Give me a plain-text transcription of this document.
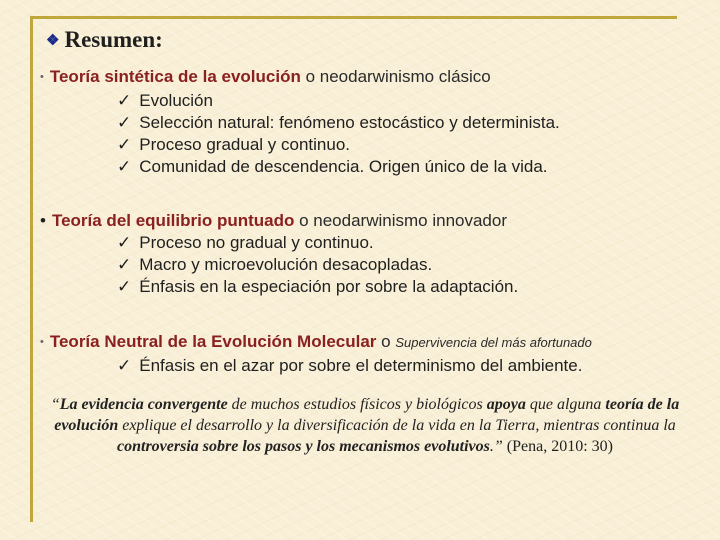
❖ Resumen:
• Teoría sintética de la evolución o neodarwinismo clásico
✓ Evolución
✓ Selección natural: fenómeno estocástico y determinista.
✓ Proceso gradual y continuo.
✓ Comunidad de descendencia. Origen único de la vida.
• Teoría del equilibrio puntuado o neodarwinismo innovador
✓ Proceso no gradual y continuo.
✓ Macro y microevolución desacopladas.
✓ Énfasis en la especiación por sobre la adaptación.
• Teoría Neutral de la Evolución Molecular o Supervivencia del más afortunado
✓ Énfasis en el azar por sobre el determinismo del ambiente.

“La evidencia convergente de muchos estudios físicos y biológicos apoya que alguna teoría de la evolución explique el desarrollo y la diversificación de la vida en la Tierra, mientras continua la controversia sobre los pasos y los mecanismos evolutivos.” (Pena, 2010: 30)
